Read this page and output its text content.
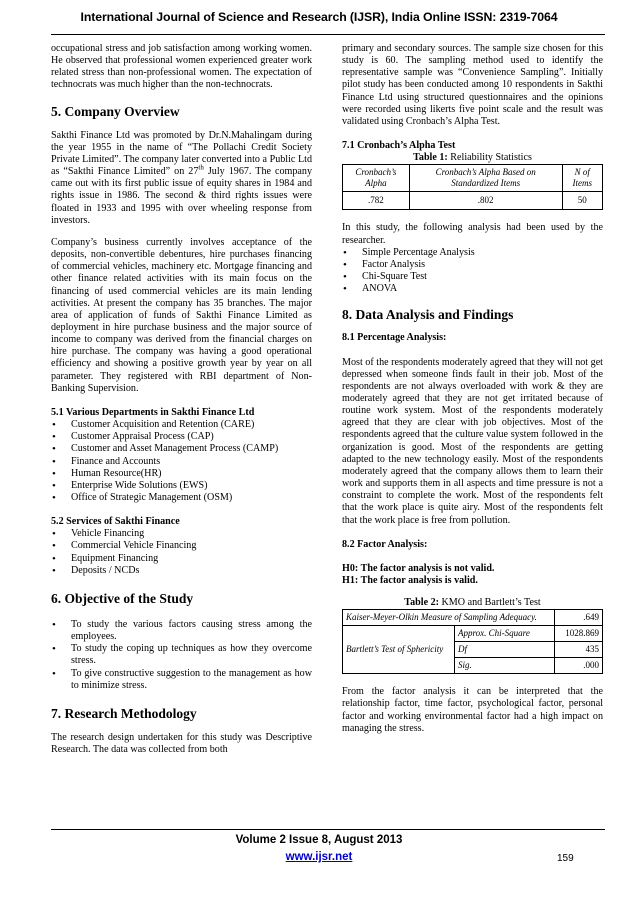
International Journal of Science and Research (IJSR), India Online ISSN: 2319-7064

occupational stress and job satisfaction among working women. He observed that professional women experienced greater work related stress than non-professional women. The expectation of technocrats was much higher than the non-technocrats.

5. Company Overview

Sakthi Finance Ltd was promoted by Dr.N.Mahalingam during the year 1955 in the name of “The Pollachi Credit Society Private Limited”. The company later converted into a Public Ltd as “Sakthi Finance Limited” on 27th July 1967. The company came out with its first public issue of equity shares in 1984 and rights issue in 1986. The second & third rights issues were floated in 1933 and 1995 with over wheeling response from investors.

Company’s business currently involves acceptance of the deposits, non-convertible debentures, hire purchases financing of commercial vehicles, machinery etc. Mortgage financing and other finance related activities with its main focus on the financing of used commercial vehicles are its main lending activities. At present the company has 35 branches. The major area of application of funds of Sakthi Finance Limited as deployment in hire purchase business and the major source of income to company was derived from the financial charges on hire purchase. The company was having a good operational efficiency and showing a positive growth year by year on all parameter. They registered with RBI department of Non-Banking Supervision.

5.1 Various Departments in Sakthi Finance Ltd
• Customer Acquisition and Retention (CARE)
• Customer Appraisal Process (CAP)
• Customer and Asset Management Process (CAMP)
• Finance and Accounts
• Human Resource(HR)
• Enterprise Wide Solutions (EWS)
• Office of Strategic Management (OSM)
5.2 Services of Sakthi Finance
• Vehicle Financing
• Commercial Vehicle Financing
• Equipment Financing
• Deposits / NCDs
6. Objective of the Study
• To study the various factors causing stress among the employees.
• To study the coping up techniques as how they overcome stress.
• To give constructive suggestion to the management as how to minimize stress.
7. Research Methodology

The research design undertaken for this study was Descriptive Research. The data was collected from both

primary and secondary sources. The sample size chosen for this study is 60. The sampling method used to identify the representative sample was “Convenience Sampling”. Initially pilot study has been conducted among 10 respondents in Sakthi Finance Ltd using structured questionnaires and the opinions were recorded using likerts five point scale and the result was validated using Cronbach’s Alpha Test.

7.1 Cronbach’s Alpha Test

Table 1: Reliability Statistics

Cronbach’s Alpha	Cronbach’s Alpha Based on Standardized Items	N of Items
.782	.802	50

In this study, the following analysis had been used by the researcher.

• Simple Percentage Analysis
• Factor Analysis
• Chi-Square Test
• ANOVA
8. Data Analysis and Findings
8.1 Percentage Analysis:

Most of the respondents moderately agreed that they will not get depressed when someone finds fault in their job. Most of the respondents are not always overloaded with work & they are moderately agreed that they are not get irritated because of routine work system. Most of the respondents moderately agreed that they are clear with job objectives. Most of the respondents agreed that the culture value system followed in the organization is good. Most of the respondents are getting adapted to the new technology easily. Most of the respondents moderately agreed that the company allows them to learn their work and supports them in all aspects and time pressure is not a constraint to complete the work. Most of the respondents felt that the work place is quite airy. Most of the respondents felt that the work place is free from pollution.

8.2 Factor Analysis:
H0: The factor analysis is not valid.
H1: The factor analysis is valid.

Table 2: KMO and Bartlett’s Test

Kaiser-Meyer-Olkin Measure of Sampling Adequacy.		.649
Bartlett’s Test of Sphericity	Approx. Chi-Square	1028.869
	Df	435
	Sig.	.000

From the factor analysis it can be interpreted that the relationship factor, time factor, psychological factor, personal factor and working environmental factor had a high impact on managing the stress.

Volume 2 Issue 8, August 2013
www.ijsr.net	159
